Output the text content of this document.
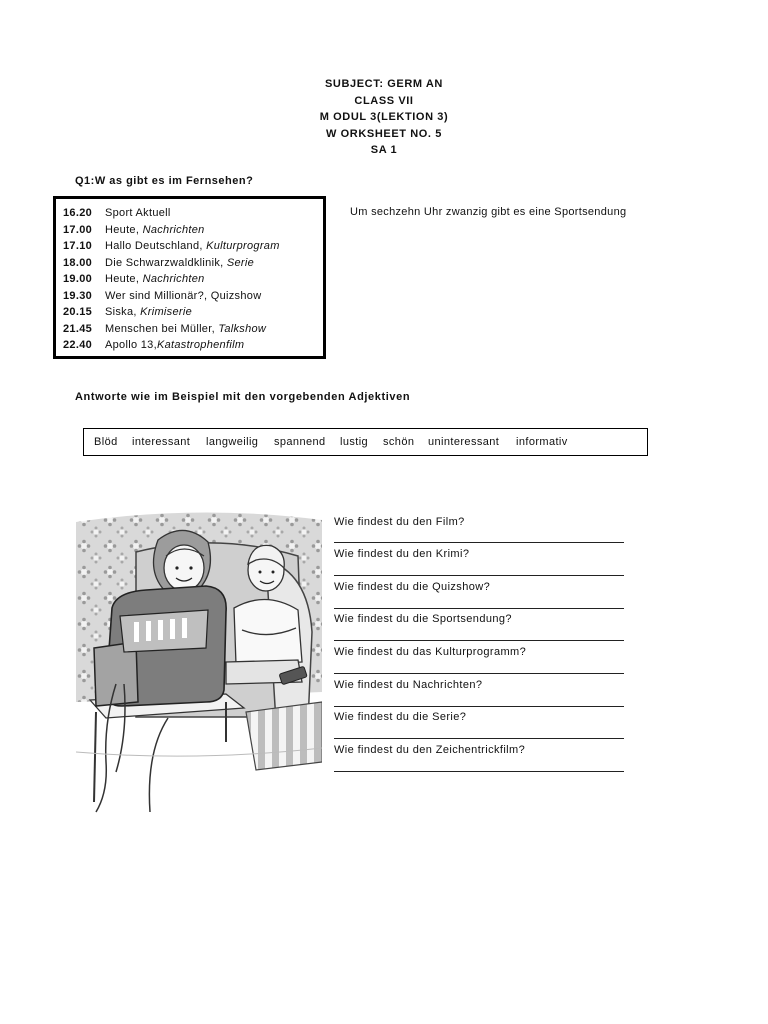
SUBJECT: GERM AN
CLASS VII
M ODUL 3(LEKTION 3)
W ORKSHEET NO. 5
SA 1
Q1:W as gibt es im Fernsehen?
16.20 Sport Aktuell
17.00 Heute, Nachrichten
17.10 Hallo Deutschland, Kulturprogram
18.00 Die Schwarzwaldklinik, Serie
19.00 Heute, Nachrichten
19.30 Wer sind Millionär?, Quizshow
20.15 Siska, Krimiserie
21.45 Menschen bei Müller, Talkshow
22.40 Apollo 13,Katastrophenfilm
Um sechzehn Uhr zwanzig gibt es eine Sportsendung
Antworte wie im Beispiel mit den vorgebenden Adjektiven
Blöd interessant langweilig spannend lustig schön uninteressant informativ
Wie findest du den Film?
Wie findest du den Krimi?
Wie findest du die Quizshow?
Wie findest du die Sportsendung?
Wie findest du das Kulturprogramm?
Wie findest du Nachrichten?
Wie findest du die Serie?
Wie findest du den Zeichentrickfilm?
